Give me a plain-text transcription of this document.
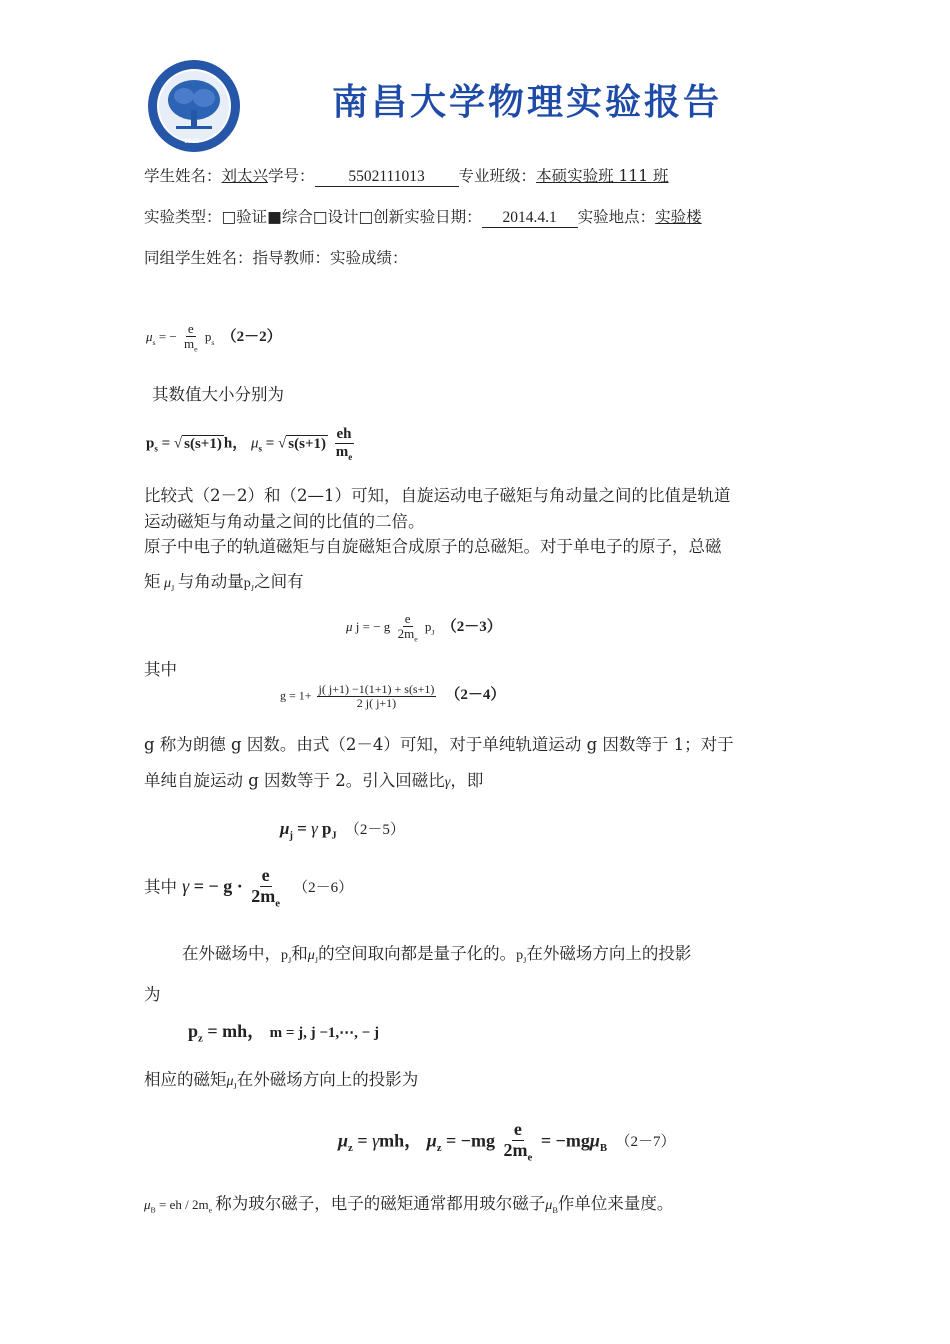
1940
南昌大学物理实验报告
学生姓名：刘太兴学号： 5502111013 专业班级：本硕实验班 111 班
实验类型：□验证■综合□设计□创新实验日期： 2014.4.1 实验地点：实验楼
同组学生姓名：指导教师：实验成绩：
$\mu_s$ = − $\frac{e}{m_e} p_s$ （2－2）
其数值大小分别为
$p_s$ = √ s(s+1) h， $\mu_s$ = √ $s(s+1) \frac{eh}{m_e}$
比较式（2－2）和（2—1）可知，自旋运动电子磁矩与角动量之间的比值是轨道
运动磁矩与角动量之间的比值的二倍。
原子中电子的轨道磁矩与自旋磁矩合成原子的总磁矩。对于单电子的原子，总磁
矩 $\mu_J$ 与角动量$p_J$之间有
μ j = − g $\frac{e}{2m_e} p_J$ （2－3）
其中
$g = 1+ \frac{j( j+1) -1(1+1) + s(s+1)}{2 j( j+1)} (2-4)$
g 称为朗德 g 因数。由式（2－4）可知，对于单纯轨道运动 g 因数等于 1；对于
单纯自旋运动 g 因数等于 2。引入回磁比γ，即
$\mu_j = \gamma$ $p_J$ （2－5）
其中 γ = − $g \cdot \frac{e}{2m_e} (2-6)$
在外磁场中，$p_J$和$\mu_J$的空间取向都是量子化的。$p_J$在外磁场方向上的投影
为
$p_z$ = mh， m = j, j −1,⋯, − j
相应的磁矩$\mu_J$在外磁场方向上的投影为
$\mu_z = \gamma mh$， $\mu_z = -mg \frac{e}{2m_e} = -mg\mu_B$ （2－7）
$\mu_B$ = eh / $2m_e$ 称为玻尔磁子，电子的磁矩通常都用玻尔磁子$\mu_B$作单位来量度。
